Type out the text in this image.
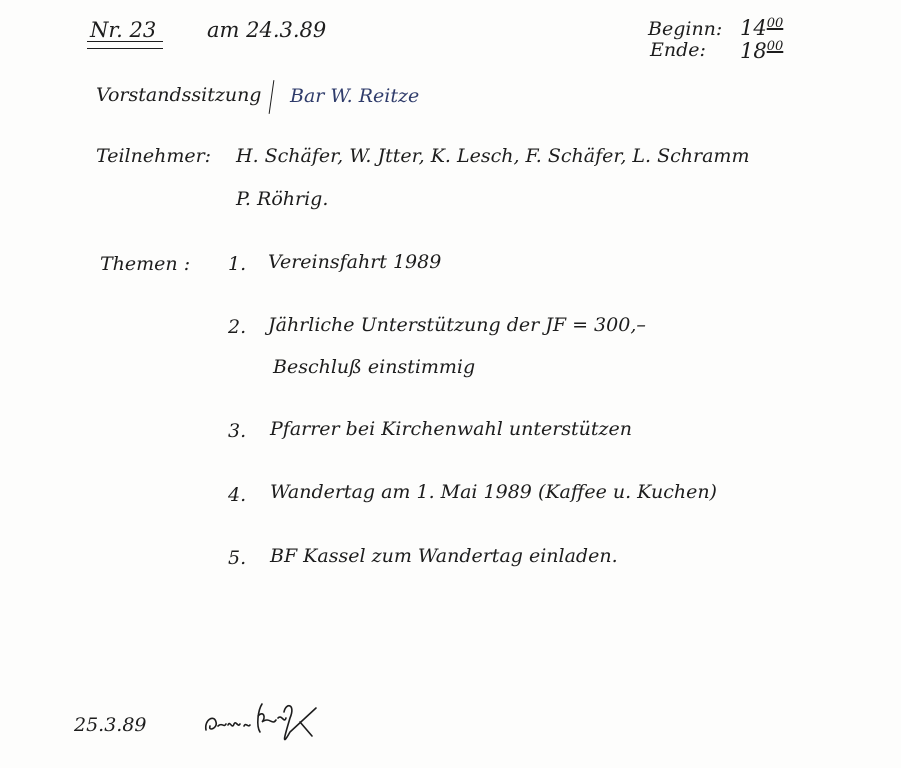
Nr. 23 am 24.3.89	Beginn: $14^{00}$
Ende: $18^{00}$
Vorstandssitzung Bar W. Reitze
Teilnehmer: H. Schäfer, W. Jtter, K. Lesch, F. Schäfer, L. Schramm
P. Röhrig.
Themen : 1. Vereinsfahrt 1989
2. Jährliche Unterstützung der JF = 300,–
Beschluß einstimmig
3. Pfarrer bei Kirchenwahl unterstützen
4. Wandertag am 1. Mai 1989 (Kaffee u. Kuchen)
5. BF Kassel zum Wandertag einladen.
25.3.89
